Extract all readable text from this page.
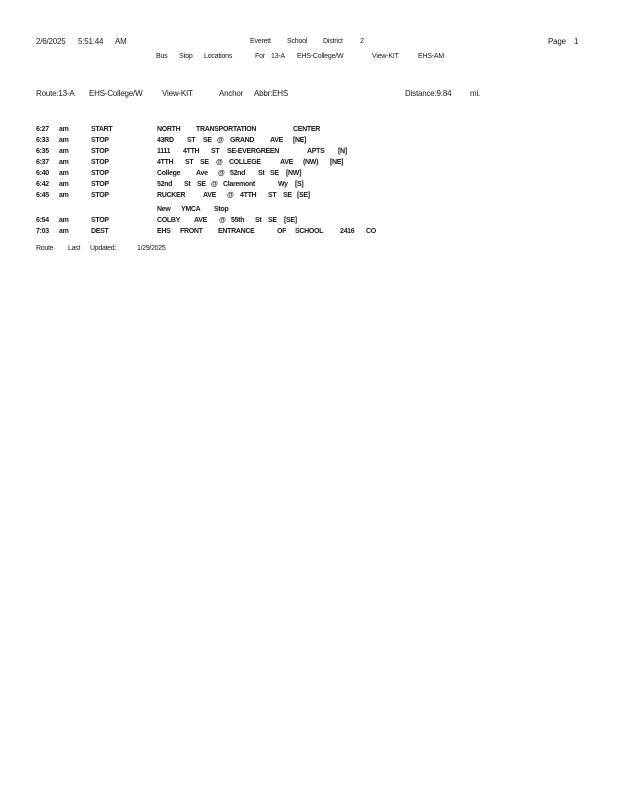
2/6/2025 5:51:44 AM	Everett School District 2	Page 1
Bus Stop Locations	For 13-A EHS-College/W	View-KIT	EHS-AM
Route:13-A EHS-College/W View-KIT	Anchor Abbr:EHS	Distance:9.84 mi.
6:27 am	START	NORTH TRANSPORTATION	CENTER
6:33 am	STOP	43RD ST SE @ GRAND AVE [NE]
6:35 am	STOP	1111 4TTH ST SE-EVERGREEN	APTS [N]
6:37 am	STOP	4TTH ST SE @ COLLEGE	AVE (NW) [NE]
6:40 am	STOP	College Ave @ 52nd St SE [NW]
6:42 am	STOP	52nd St SE @ Claremont	Wy [S]
6:45 am	STOP	RUCKER	AVE @ 4TTH ST SE [SE]
New YMCA Stop
6:54 am	STOP	COLBY AVE @ 55th St SE [SE]
7:03 am	DEST	EHS FRONT ENTRANCE	OF SCHOOL 2416 CO
Route Last Updated:	1/29/2025
